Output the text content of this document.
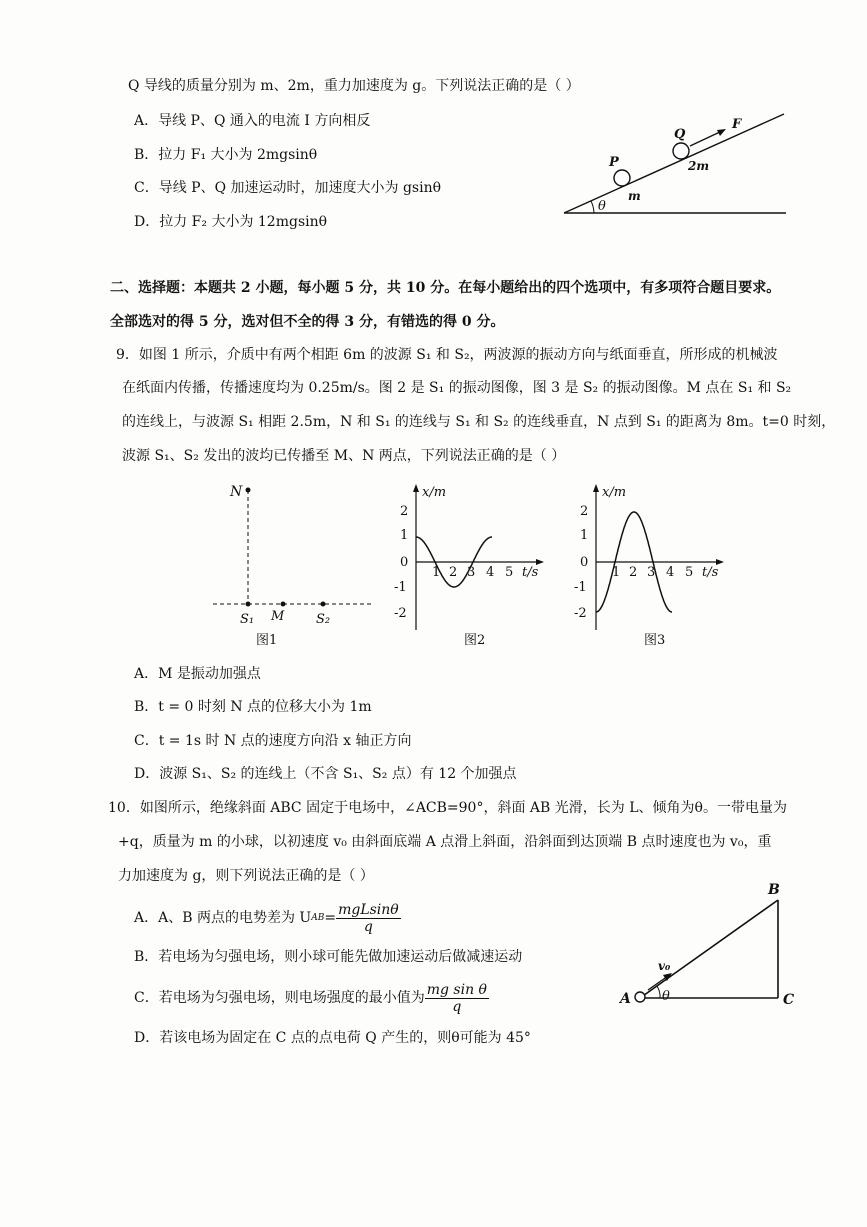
Q 导线的质量分别为 m、2m，重力加速度为 g。下列说法正确的是（ ）
A．导线 P、Q 通入的电流 I 方向相反
B．拉力 F₁ 大小为 2mgsinθ
C．导线 P、Q 加速运动时，加速度大小为 gsinθ
D．拉力 F₂ 大小为 12mgsinθ
Q
F
2m
P
m
θ
二、选择题：本题共 2 小题，每小题 5 分，共 10 分。在每小题给出的四个选项中，有多项符合题目要求。
全部选对的得 5 分，选对但不全的得 3 分，有错选的得 0 分。
9．如图 1 所示，介质中有两个相距 6m 的波源 S₁ 和 S₂，两波源的振动方向与纸面垂直，所形成的机械波
在纸面内传播，传播速度均为 0.25m/s。图 2 是 S₁ 的振动图像，图 3 是 S₂ 的振动图像。M 点在 S₁ 和 S₂
的连线上，与波源 S₁ 相距 2.5m，N 和 S₁ 的连线与 S₁ 和 S₂ 的连线垂直，N 点到 S₁ 的距离为 8m。t=0 时刻，
波源 S₁、S₂ 发出的波均已传播至 M、N 两点，下列说法正确的是（ ）
N
S₁ M S₂
图1
x/m
t/s
2
1
0
-1
-2
1 2 3 4 5
图2
x/m
t/s
2
1
0
-1
-2
1 2 3 4 5
图3
A．M 是振动加强点
B．t = 0 时刻 N 点的位移大小为 1m
C．t = 1s 时 N 点的速度方向沿 x 轴正方向
D．波源 S₁、S₂ 的连线上（不含 S₁、S₂ 点）有 12 个加强点
10．如图所示，绝缘斜面 ABC 固定于电场中，∠ACB=90°，斜面 AB 光滑，长为 L、倾角为θ。一带电量为
+q，质量为 m 的小球，以初速度 v₀ 由斜面底端 A 点滑上斜面，沿斜面到达顶端 B 点时速度也为 v₀，重
力加速度为 g，则下列说法正确的是（ ）
A．A、B 两点的电势差为 U AB = $\frac{\text{mgLsinθ}}{q}$
B．若电场为匀强电场，则小球可能先做加速运动后做减速运动
C．若电场为匀强电场，则电场强度的最小值为 $\frac{\text{mg sin θ}}{q}$
D．若该电场为固定在 C 点的点电荷 Q 产生的，则θ可能为 45°
B
A	C
v₀
θ
